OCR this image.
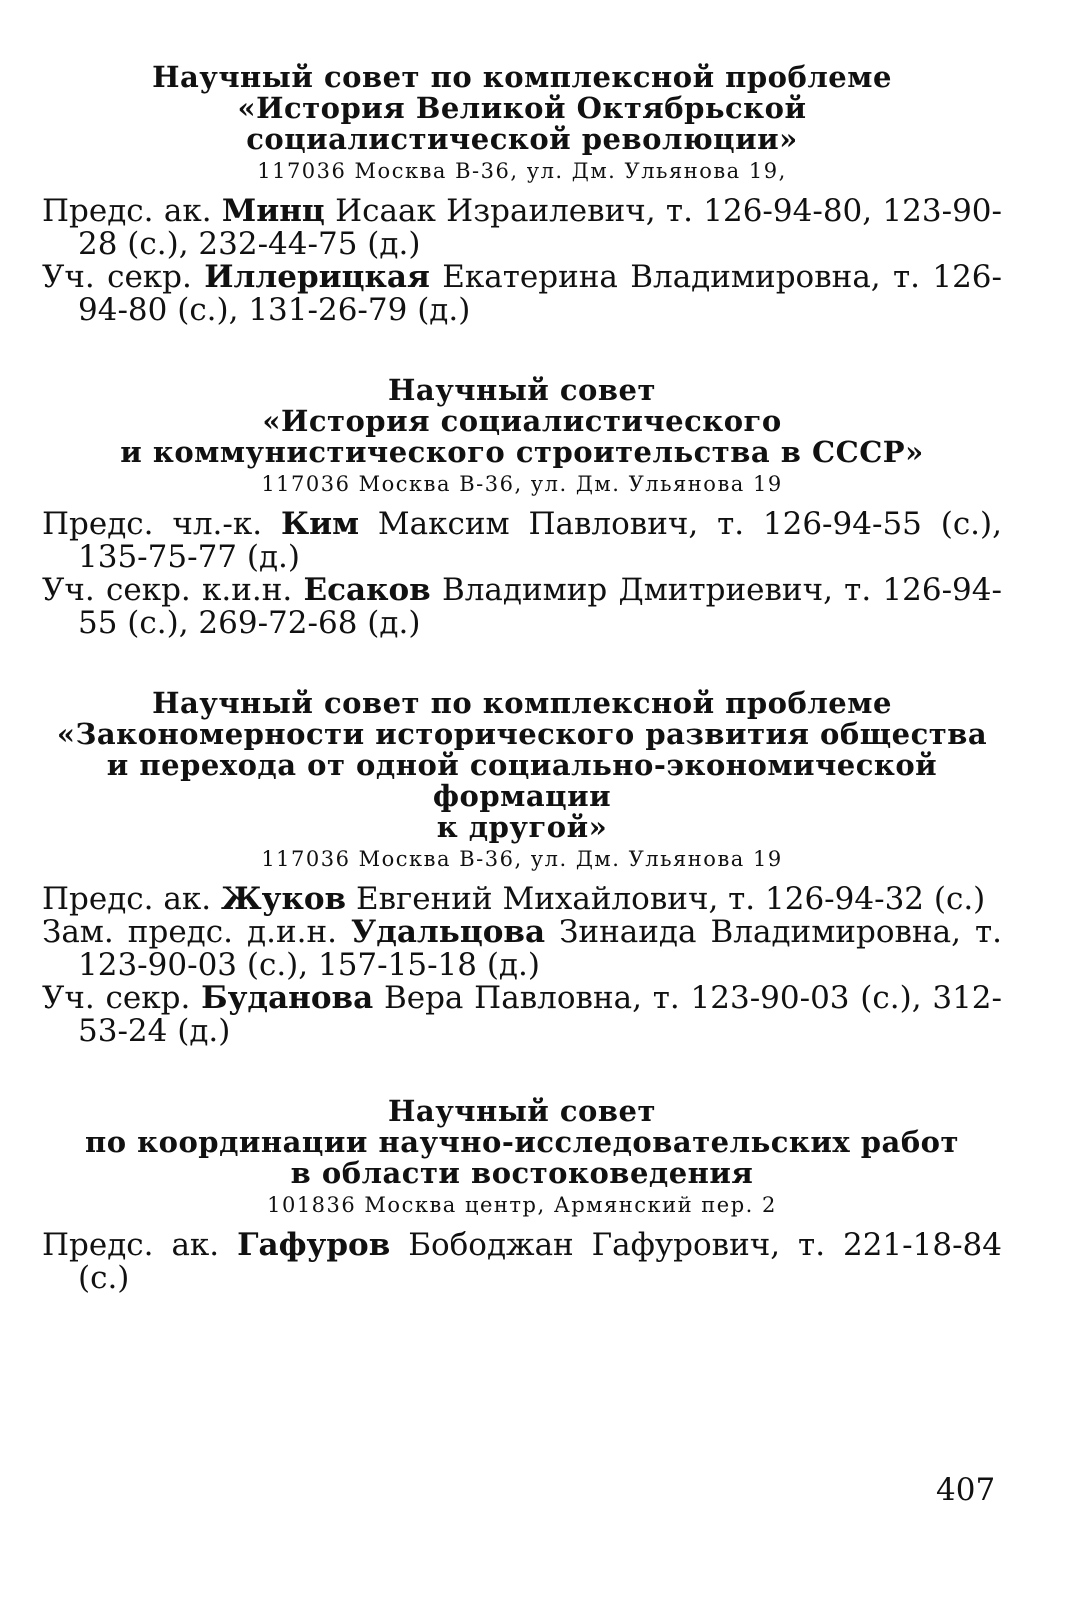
Научный совет по комплексной проблеме
«История Великой Октябрьской
социалистической революции»
117036 Москва В-36, ул. Дм. Ульянова 19,

Предс. ак. Минц Исаак Израилевич, т. 126-94-80, 123-90-28 (с.), 232-44-75 (д.)

Уч. секр. Иллерицкая Екатерина Владимировна, т. 126-94-80 (с.), 131-26-79 (д.)

Научный совет
«История социалистического
и коммунистического строительства в СССР»
117036 Москва В-36, ул. Дм. Ульянова 19

Предс. чл.-к. Ким Максим Павлович, т. 126-94-55 (с.), 135-75-77 (д.)

Уч. секр. к.и.н. Есаков Владимир Дмитриевич, т. 126-94-55 (с.), 269-72-68 (д.)

Научный совет по комплексной проблеме
«Закономерности исторического развития общества
и перехода от одной социально-экономической формации
к другой»
117036 Москва В-36, ул. Дм. Ульянова 19

Предс. ак. Жуков Евгений Михайлович, т. 126-94-32 (с.)

Зам. предс. д.и.н. Удальцова Зинаида Владимировна, т. 123-90-03 (с.), 157-15-18 (д.)

Уч. секр. Буданова Вера Павловна, т. 123-90-03 (с.), 312-53-24 (д.)

Научный совет
по координации научно-исследовательских работ
в области востоковедения
101836 Москва центр, Армянский пер. 2

Предс. ак. Гафуров Бободжан Гафурович, т. 221-18-84 (с.)

407
